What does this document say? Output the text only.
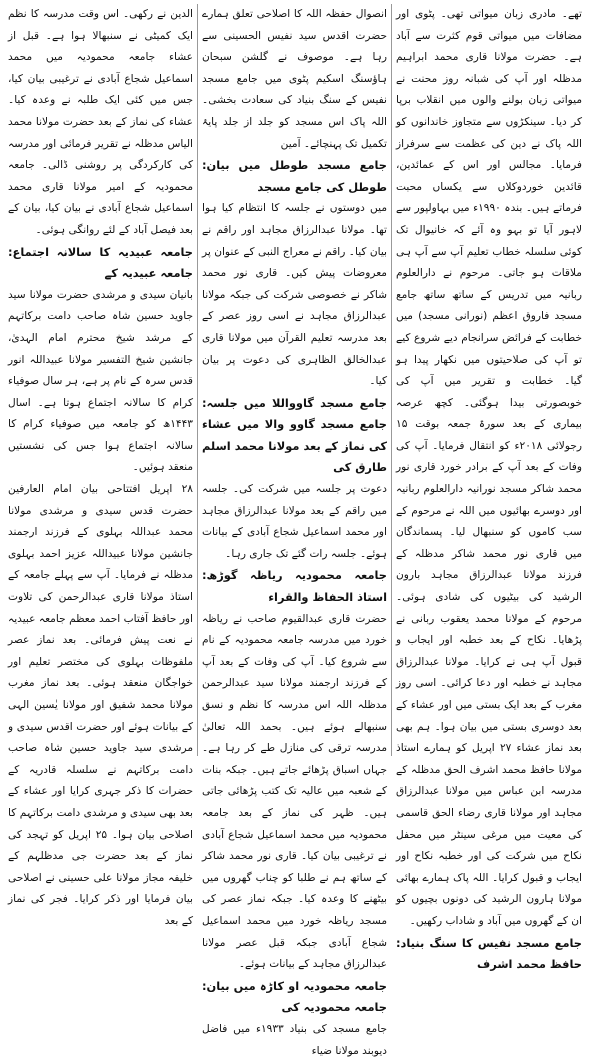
تھے۔ مادری زبان میواتی تھی۔ پٹوی اور مضافات میں میواتی قوم کثرت سے آباد ہے۔ حضرت مولانا قاری محمد ابراہیم مدظلہ اور آپ کی شبانہ روز محنت نے میواتی زبان بولنے والوں میں انقلاب برپا کر دیا۔ سینکڑوں سے متجاوز خاندانوں کو اللہ پاک نے دین کی عظمت سے سرفراز فرمایا۔ مجالس اور اس کے عمائدین، قائدین خوردوکلاں سے یکساں محبت فرماتے ہیں۔ بندہ ۱۹۹۰ء میں بہاولپور سے لاہور آیا تو بہو وہ آئے کہ خانیوال تک کوئی سلسلہ خطاب تعلیم آپ سے آپ ہی ملاقات ہو جاتی۔ مرحوم نے دارالعلوم ربانیہ میں تدریس کے ساتھ ساتھ جامع مسجد فاروق اعظم (نورانی مسجد) میں خطابت کے فرائض سرانجام دیے شروع کیے تو آپ کی صلاحیتوں میں نکھار پیدا ہو گیا۔ خطابت و تقریر میں آپ کی خوبصورتی بیدا ہوگئی۔ کچھ عرصہ بیماری کے بعد سورۃ جمعہ بوقت ۱۵ رجولائی ۲۰۱۸ء کو انتقال فرمایا۔ آپ کی وفات کے بعد آپ کے برادر خورد قاری نور محمد شاکر مسجد نورانیہ دارالعلوم ربانیہ اور دوسرے بھائیوں میں اللہ نے مرحوم کے سب کاموں کو سنبھال لیا۔ پسماندگان میں قاری نور محمد شاکر مدظلہ کے فرزند مولانا عبدالرزاق مجاہد بارون الرشید کی بیٹیوں کی شادی ہوئی۔ مرحوم کے مولانا محمد یعقوب ربانی نے پڑھایا۔ نکاح کے بعد خطبہ اور ایجاب و قبول آپ ہی نے کرایا۔ مولانا عبدالرزاق مجاہد نے خطبہ اور دعا کرائی۔ اسی روز مغرب کے بعد ایک بستی میں اور عشاء کے بعد دوسری بستی میں بیان ہوا۔ ہم بھی بعد نماز عشاء ۲۷ اپریل کو ہمارے استاذ مولانا حافظ محمد اشرف الحق مدظلہ کے مدرسہ ابن عباس میں مولانا عبدالرزاق مجاہد اور مولانا قاری رضاء الحق قاسمی کی معیت میں مرغی سینٹر میں محفل نکاح میں شرکت کی اور خطبہ نکاح اور ایجاب و قبول کرایا۔ اللہ پاک ہمارے بھائی مولانا ہارون الرشید کی دونوں بچیوں کو ان کے گھروں میں آباد و شاداب رکھیں۔

جامع مسجد نفیس کا سنگ بنیاد: حافظ محمد اشرف

انصوال حفظہ اللہ کا اصلاحی تعلق ہمارے حضرت اقدس سید نفیس الحسینی سے رہا ہے۔ موصوف نے گلشن سبحان ہاؤسنگ اسکیم پٹوی میں جامع مسجد نفیس کے سنگ بنیاد کی سعادت بخشی۔ اللہ پاک اس مسجد کو جلد از جلد پایۂ تکمیل تک پہنچائے۔ آمین

جامع مسجد طوطل میں بیان: طوطل کی جامع مسجد

میں دوستوں نے جلسہ کا انتظام کیا ہوا تھا۔ مولانا عبدالرزاق مجاہد اور راقم نے بیان کیا۔ راقم نے معراج النبی کے عنوان پر معروضات پیش کیں۔ قاری نور محمد شاکر نے خصوصی شرکت کی جبکہ مولانا عبدالرزاق مجاہد نے اسی روز عصر کے بعد مدرسہ تعلیم القرآن میں مولانا قاری عبدالخالق الظاہری کی دعوت پر بیان کیا۔

جامع مسجد گاوواللا میں جلسہ: جامع مسجد گاوو والا میں عشاء کی نماز کے بعد مولانا محمد اسلم طارق کی

دعوت پر جلسہ میں شرکت کی۔ جلسہ میں راقم کے بعد مولانا عبدالرزاق مجاہد اور محمد اسماعیل شجاع آبادی کے بیانات ہوئے۔ جلسہ رات گئے تک جاری رہا۔

جامعہ محمودیہ ریاظہ گوڑھ: استاذ الحفاظ والقراء

حضرت قاری عبدالقیوم صاحب نے ریاظہ خورد میں مدرسہ جامعہ محمودیہ کے نام سے شروع کیا۔ آپ کی وفات کے بعد آپ کے فرزند ارجمند مولانا سید عبدالرحمن مدظلہ اللہ اس مدرسہ کا نظم و نسق سنبھالے ہوئے ہیں۔ بحمد اللہ تعالیٰ مدرسہ ترقی کی منازل طے کر رہا ہے۔ جہاں اسباق پڑھائے جاتے ہیں۔ جبکہ بنات کے شعبہ میں عالیہ تک کتب پڑھائی جاتی ہیں۔ ظہر کی نماز کے بعد جامعہ محمودیہ میں محمد اسماعیل شجاع آبادی نے ترغیبی بیان کیا۔ قاری نور محمد شاکر کے ساتھ ہم نے طلبا کو چناب گھروں میں بیٹھنے کا وعدہ کیا۔ جبکہ نماز عصر کی مسجد ریاظہ خورد میں محمد اسماعیل شجاع آبادی جبکہ قبل عصر مولانا عبدالرزاق مجاہد کے بیانات ہوئے۔

جامعہ محمودیہ او کاڑہ میں بیان: جامعہ محمودیہ کی

جامع مسجد کی بنیاد ۱۹۳۳ء میں فاضل دیوبند مولانا ضیاء

الدین نے رکھی۔ اس وقت مدرسہ کا نظم ایک کمیٹی نے سنبھالا ہوا ہے۔ قبل از عشاء جامعہ محمودیہ میں محمد اسماعیل شجاع آبادی نے ترغیبی بیان کیا، جس میں کئی ایک طلبہ نے وعدہ کیا۔ عشاء کی نماز کے بعد حضرت مولانا محمد الیاس مدظلہ نے تقریر فرمائی اور مدرسہ کی کارکردگی پر روشنی ڈالی۔ جامعہ محمودیہ کے امیر مولانا قاری محمد اسماعیل شجاع آبادی نے بیان کیا، بیان کے بعد فیصل آباد کے لئے روانگی ہوئی۔

جامعہ عبیدیہ کا سالانہ اجتماع: جامعہ عبیدیہ کے

بانیان سیدی و مرشدی حضرت مولانا سید جاوید حسین شاہ صاحب دامت برکاتہم کے مرشد شیخ محترم امام الہدیٰ، جانشین شیخ التفسیر مولانا عبیداللہ انور قدس سرہ کے نام پر ہے، ہر سال صوفیاء کرام کا سالانہ اجتماع ہوتا ہے۔ اسال ۱۴۴۳ھ کو جامعہ میں صوفیاء کرام کا سالانہ اجتماع ہوا جس کی نشستیں منعقد ہوئیں۔

۲۸ اپریل افتتاحی بیان امام العارفین حضرت قدس سیدی و مرشدی مولانا محمد عبداللہ بہلوی کے فرزند ارجمند جانشین مولانا عبیداللہ عزیز احمد بہلوی مدظلہ نے فرمایا۔ آپ سے پہلے جامعہ کے استاذ مولانا قاری عبدالرحمن کی تلاوت اور حافظ آفتاب احمد معظم جامعہ عبیدیہ نے نعت پیش فرمائی۔ بعد نماز عصر ملفوظات بہلوی کی مختصر تعلیم اور خواجگان منعقد ہوئی۔ بعد نماز مغرب مولانا محمد شفیق اور مولانا یٰسین الہی کے بیانات ہوئے اور حضرت اقدس سیدی و مرشدی سید جاوید حسین شاہ صاحب دامت برکاتہم نے سلسلہ قادریہ کے حضرات کا ذکر جہری کرایا اور عشاء کے بعد بھی سیدی و مرشدی دامت برکاتہم کا اصلاحی بیان ہوا۔ ۲۵ اپریل کو تہجد کی نماز کے بعد حضرت جی مدظلہم کے خلیفہ مجاز مولانا علی حسینی نے اصلاحی بیان فرمایا اور ذکر کرایا۔ فجر کی نماز کے بعد
